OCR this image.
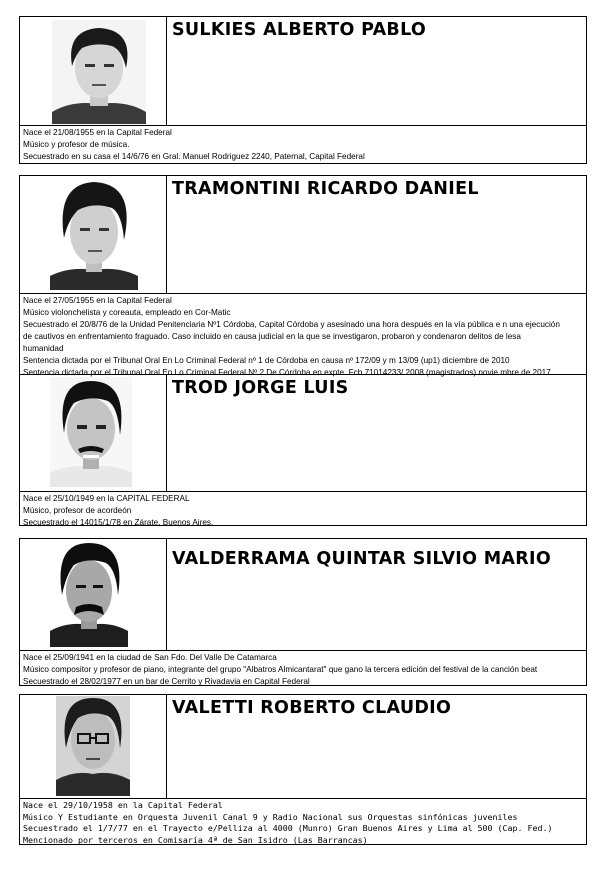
SULKIES ALBERTO PABLO
Nace el 21/08/1955 en la Capital Federal
Músico y profesor de música.
Secuestrado en su casa el 14/6/76 en Gral. Manuel Rodriguez 2240, Paternal, Capital Federal
TRAMONTINI RICARDO DANIEL
Nace el 27/05/1955 en la Capital Federal
Músico violonchelista y coreauta, empleado en Cor-Matic
Secuestrado el 20/8/76 de la Unidad Penitenciaria Nº1 Córdoba, Capital Córdoba y asesinado una hora después en la vía pública e n una ejecución
de cautivos en enfrentamiento fraguado. Caso incluido en causa judicial en la que se investigaron, probaron y condenaron delitos de lesa
humanidad
Sentencia dictada por el Tribunal Oral En Lo Criminal Federal nº 1 de Córdoba en causa nº 172/09 y m 13/09 (up1) diciembre de 2010
Sentencia dictada por el Tribunal Oral En Lo Criminal Federal Nº 2 De Córdoba en expte. Fcb 71014233/ 2008 (magistrados) novie mbre de 2017
TROD JORGE LUIS
Nace el 25/10/1949 en la CAPITAL FEDERAL
Músico, profesor de acordeón
Secuestrado el 14015/1/78 en Zárate, Buenos Aires.
VALDERRAMA QUINTAR SILVIO MARIO
Nace el 25/09/1941 en la ciudad de San Fdo. Del Valle De Catamarca
Músico compositor y profesor de piano, integrante del grupo "Albatros Almicantarat" que gano la tercera edición del festival de la canción beat
Secuestrado el 28/02/1977 en un bar de Cerrito y Rivadavia en Capital Federal
VALETTI ROBERTO CLAUDIO
Nace el 29/10/1958 en la Capital Federal
Músico Y Estudiante en Orquesta Juvenil Canal 9 y Radio Nacional sus Orquestas sinfónicas juveniles
Secuestrado el 1/7/77 en el Trayecto e/Pelliza al 4000 (Munro) Gran Buenos Aires y Lima al 500 (Cap. Fed.)
Mencionado por terceros en Comisaría 4ª de San Isidro (Las Barrancas)
